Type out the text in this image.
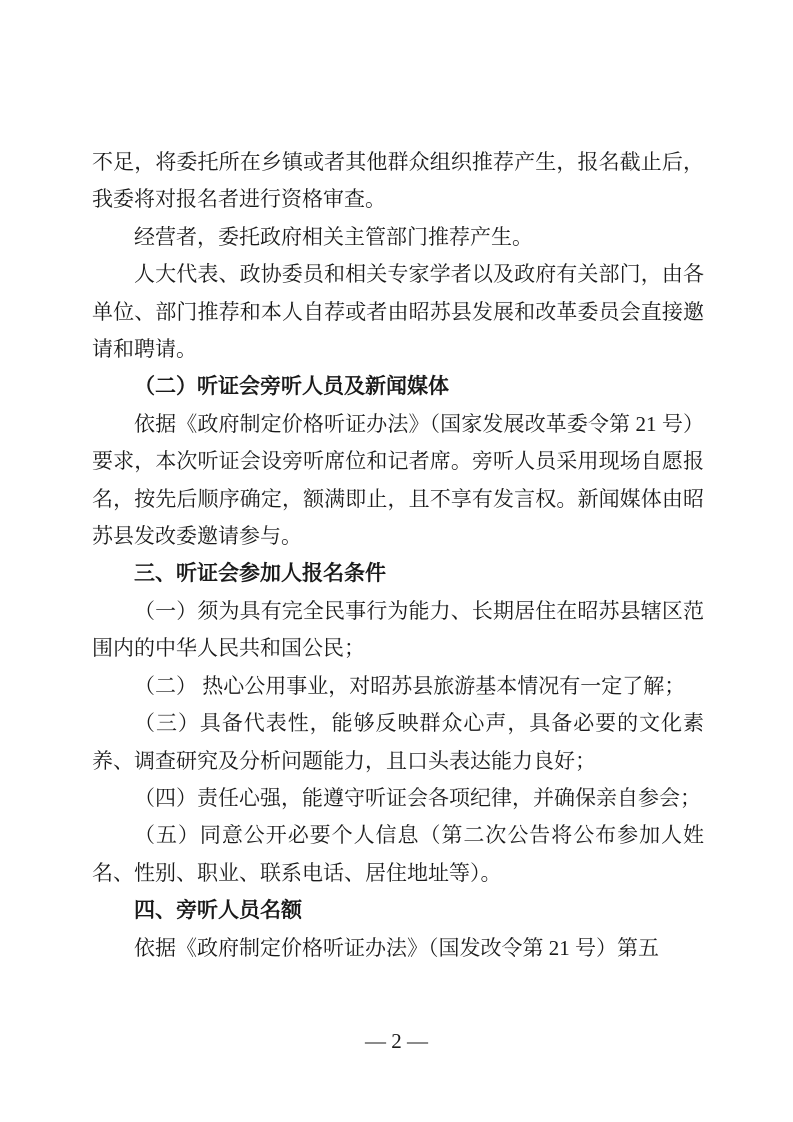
不足，将委托所在乡镇或者其他群众组织推荐产生，报名截止后，我委将对报名者进行资格审查。

经营者，委托政府相关主管部门推荐产生。

人大代表、政协委员和相关专家学者以及政府有关部门，由各单位、部门推荐和本人自荐或者由昭苏县发展和改革委员会直接邀请和聘请。

（二）听证会旁听人员及新闻媒体

依据《政府制定价格听证办法》（国家发展改革委令第 21 号）要求，本次听证会设旁听席位和记者席。旁听人员采用现场自愿报名，按先后顺序确定，额满即止，且不享有发言权。新闻媒体由昭苏县发改委邀请参与。

三、听证会参加人报名条件

（一）须为具有完全民事行为能力、长期居住在昭苏县辖区范围内的中华人民共和国公民；

（二） 热心公用事业，对昭苏县旅游基本情况有一定了解；

（三）具备代表性，能够反映群众心声，具备必要的文化素养、调查研究及分析问题能力，且口头表达能力良好；

（四）责任心强，能遵守听证会各项纪律，并确保亲自参会；

（五）同意公开必要个人信息（第二次公告将公布参加人姓名、性别、职业、联系电话、居住地址等）。

四、旁听人员名额

依据《政府制定价格听证办法》（国发改令第 21 号）第五

— 2 —
